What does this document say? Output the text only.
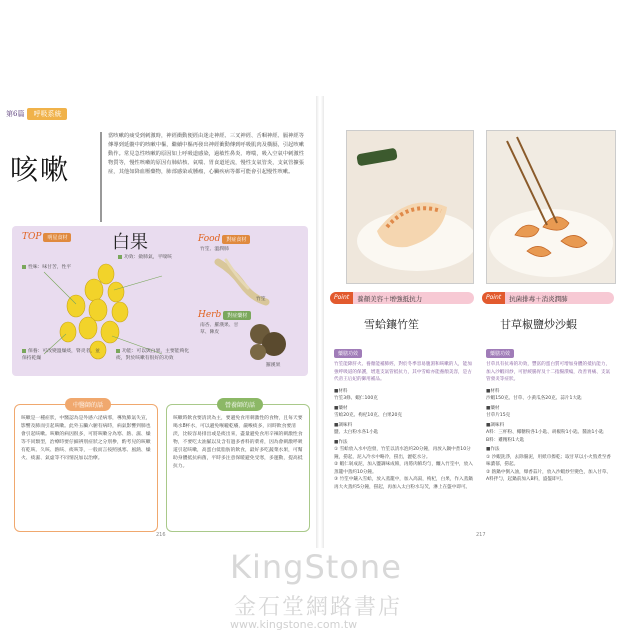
第6篇	呼吸系統
咳嗽
當咳嗽的痰受到刺激時，神經衝動便經由迷走神經、三叉神經、舌咽神經、膈神經等傳導到延髓中的咳嗽中樞，繼續中樞再發出神經衝動傳到呼吸肌肉及橫膈，引起咳嗽動作。常見急性咳嗽的原因如上呼吸道感染，過敏性鼻炎、哮喘，吸入空氣中刺激性物質等，慢性咳嗽的原因有肺結核、氣喘、胃食道逆流，慢性支氣管炎，支氣管擴張症，其他如降血壓藥物，肺部感染或腫瘤，心臟疾病等都可能會引起慢性咳嗽。
TOP	明星食材 白果
性味：味甘苦，性平
功效：斂肺氣，平喘咳
保養：可改變溫燥痰，腎炎者，並保持乾燥
功能：可以與白果，主要能夠化痰，對於咳嗽有很好的功效
Food	對症食材
竹笙、溫潤肺
竹笙
Herb	對症藥材
南杏、羅漢果、甘草、陳皮
羅漢果
中醫師的話
咳嗽是一種症狀，中醫認為是外感六淫病邪，導致肺氣失宣，影響及肺而引起咳嗽。此外五臟六腑有病時，病氣影響到肺也會引起咳嗽。咳嗽的病因很多，可將咳嗽分為寒、熱、濕、燥等不同類型，治療時要仔細辨別症狀之分別參，酌考兒的咳嗽有乾咳、久咳、熱咳、痰咳等，一般而言按照風寒、風熱、燥火、痰濕、氣虛等不同情況加以治療。
營養師的話
咳嗽時飲食要清淡為主，要避免食用刺激性的食物，且每天要喝水8杯水，可以避免喉嚨乾癢，嚴喉痰多，同時飲食要清淡，比較容易排出或是痰出來，盡量避免食用辛辣的刺激性食物，不要吃太油膩以及含有過多香料的菜肴，因為會刺激呼吸道引起咳嗽，高蛋白低脂肪的飲食，最好多吃蔬菜水果，可幫助身體抵抗病菌，平時多注意保暖避免受寒，多運動，提高抵抗力。
216
Point	養顏美容＋增強抵抗力
雪蛤鑲竹笙
藥膳功效
竹笙能降肝火、養顏能補肺經，對於冬季容易腹瀉和咳嗽的人，能加強呼吸道的保護，增進支氣管抵抗力，其中雪蛤亦能養顏美容，是古代帝王后妃的御用補品。
■材料
竹笙3條、蝦仁100克
■藥材
雪蛤20克、枸杞10克、白果20克
■調味料
鹽、太白粉水各1小匙
■作法
① 雪蛤放入水中泡發，竹笙以清水泡約20分鐘，再放入鍋中煮10分鐘，撈起，泥入冷水中略冷，撈出，瀝乾水分。
② 蝦仁剁成泥，加入鹽調味成餡，再將肉餡均勻，釀入竹笙中，放入蒸籠中蒸約10分鐘。
③ 竹笙中鑲入雪蛤，放入蒸籠中，加入高湯，枸杞，白果，作入蒸鍋再大火蒸約5分鐘，撈起，再加入太白粉水勾芡，淋上在盤中即可。
217
Point	抗菌排毒＋消炎潤肺
甘草椒鹽炒沙蝦
藥膳功效
甘草具有抗毒的功效，豐富的蛋白質可增加身體的抵抗能力，加入沙蝦同炒，可舒緩腸胃及十二指腸潰瘍，改善胃痛、支氣管發炎等症狀。
■材料
沙蝦150克、甘草、小黃瓜各20克、蒜片1大匙
■藥材
甘草片15克
■調味料
A料：三杯粉、椰糖粉各1小匙、胡椒粉1小匙、醬油1小匙
B料：雞精粉1大匙
■作法
① 沙蝦洗淨，去除腸泥，用紙巾擦乾；取甘草以小火熬煮至香味濃郁，撈起。
② 熱鍋中倒入油，爆香蒜片，放入沙蝦炒至變色，加入甘草、A料拌勻，起鍋前加入B料，盛盤即可。
KingStone
金石堂網路書店
www.kingstone.com.tw
